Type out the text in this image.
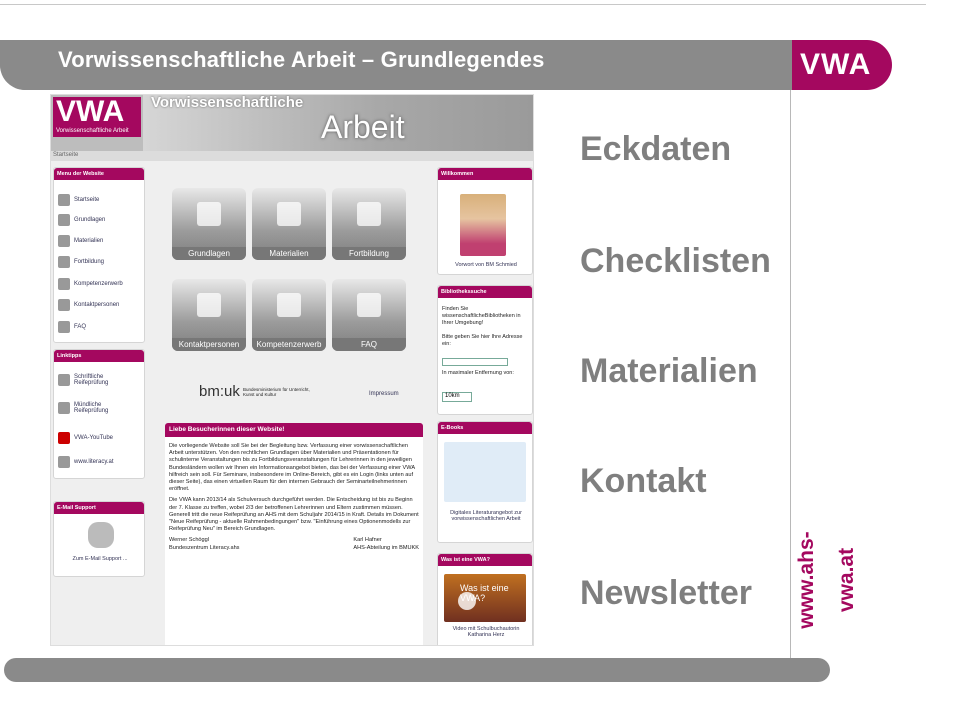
Vorwissenschaftliche Arbeit – Grundlegendes	VWA
www.ahs-vwa.at
Eckdaten
Checklisten
Materialien
Kontakt
Newsletter
VWA
Vorwissenschaftliche Arbeit
Vorwissenschaftliche
Arbeit
Startseite
Menu der Website
Startseite
Grundlagen
Materialien
Fortbildung
Kompetenzerwerb
Kontaktpersonen
FAQ
Linktipps
Schriftliche Reifeprüfung
Mündliche Reifeprüfung
VWA-YouTube
www.literacy.at
E-Mail Support
Zum E-Mail Support ...
Grundlagen	Materialien	Fortbildung
Kontaktpersonen	Kompetenzerwerb	FAQ
bm:uk Bundesministerium für Unterricht, Kunst und Kultur	Impressum
Liebe Besucherinnen dieser Website!

Die vorliegende Website soll Sie bei der Begleitung bzw. Verfassung einer vorwissenschaftlichen Arbeit unterstützen. Von den rechtlichen Grundlagen über Materialien und Präsentationen für schulinterne Veranstaltungen bis zu Fortbildungsveranstaltungen für Lehrerinnen in den jeweiligen Bundesländern wollen wir Ihnen ein Informationsangebot bieten, das bei der Verfassung einer VWA hilfreich sein soll. Für Seminare, insbesondere im Online-Bereich, gibt es ein Login (links unten auf dieser Seite), das einen virtuellen Raum für den internen Gebrauch der Seminarteilnehmerinnen eröffnet.

Die VWA kann 2013/14 als Schulversuch durchgeführt werden. Die Entscheidung ist bis zu Beginn der 7. Klasse zu treffen, wobei 2/3 der betroffenen Lehrerinnen und Eltern zustimmen müssen. Generell tritt die neue Reifeprüfung an AHS mit dem Schuljahr 2014/15 in Kraft. Details im Dokument "Neue Reifeprüfung - aktuelle Rahmenbedingungen" bzw. "Einführung eines Optionenmodells zur Reifeprüfung Neu" im Bereich Grundlagen.

Werner Schöggl
Bundeszentrum Literacy.ahs
Karl Hafner
AHS-Abteilung im BMUKK
Willkommen
Vorwort von BM Schmied
Bibliothekssuche
Finden Sie wissenschaftlicheBibliotheken in Ihrer Umgebung!
Bitte geben Sie hier Ihre Adresse ein:
In maximaler Entfernung von:
10km
E-Books
Digitales Literaturangebot zur vorwissenschaftlichen Arbeit
Was ist eine VWA?
Was ist eine VWA?
Video mit Schulbuchautorin Katharina Herz
